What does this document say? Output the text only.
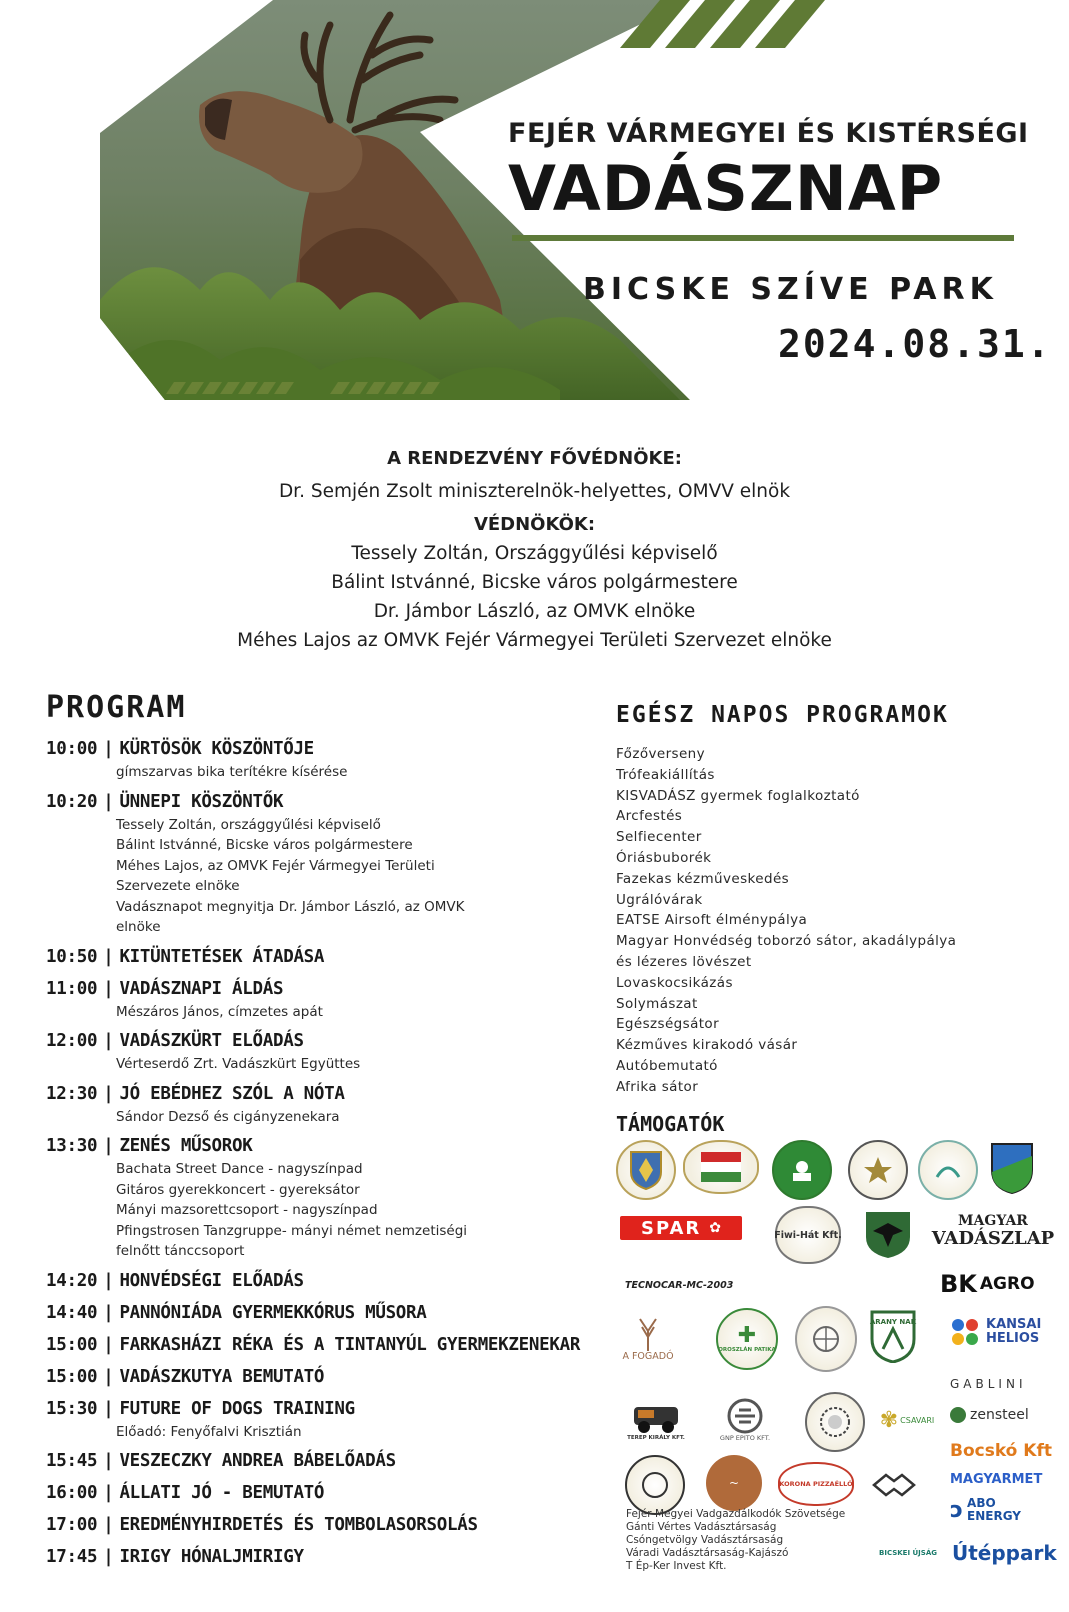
FEJÉR VÁRMEGYEI ÉS KISTÉRSÉGI
VADÁSZNAP
BICSKE SZÍVE PARK
2024.08.31.
A RENDEZVÉNY FŐVÉDNÖKE:
Dr. Semjén Zsolt miniszterelnök-helyettes, OMVV elnök
VÉDNÖKÖK:
Tessely Zoltán, Országgyűlési képviselő
Bálint Istvánné, Bicske város polgármestere
Dr. Jámbor László, az OMVK elnöke
Méhes Lajos az OMVK Fejér Vármegyei Területi Szervezet elnöke
PROGRAM
10:00 | KÜRTÖSÖK KÖSZÖNTŐJE
gímszarvas bika terítékre kísérése
10:20 | ÜNNEPI KÖSZÖNTŐK
Tessely Zoltán, országgyűlési képviselő
Bálint Istvánné, Bicske város polgármestere
Méhes Lajos, az OMVK Fejér Vármegyei Területi
Szervezete elnöke
Vadásznapot megnyitja Dr. Jámbor László, az OMVK
elnöke
10:50 | KITÜNTETÉSEK ÁTADÁSA
11:00 | VADÁSZNAPI ÁLDÁS
Mészáros János, címzetes apát
12:00 | VADÁSZKÜRT ELŐADÁS
Vérteserdő Zrt. Vadászkürt Együttes
12:30 | JÓ EBÉDHEZ SZÓL A NÓTA
Sándor Dezső és cigányzenekara
13:30 | ZENÉS MŰSOROK
Bachata Street Dance - nagyszínpad
Gitáros gyerekkoncert - gyereksátor
Mányi mazsorettcsoport - nagyszínpad
Pfingstrosen Tanzgruppe- mányi német nemzetiségi
felnőtt tánccsoport
14:20 | HONVÉDSÉGI ELŐADÁS
14:40 | PANNÓNIÁDA GYERMEKKÓRUS MŰSORA
15:00 | FARKASHÁZI RÉKA ÉS A TINTANYÚL GYERMEKZENEKAR
15:00 | VADÁSZKUTYA BEMUTATÓ
15:30 | FUTURE OF DOGS TRAINING
Előadó: Fenyőfalvi Krisztián
15:45 | VESZECZKY ANDREA BÁBELŐADÁS
16:00 | ÁLLATI JÓ - BEMUTATÓ
17:00 | EREDMÉNYHIRDETÉS ÉS TOMBOLASORSOLÁS
17:45 | IRIGY HÓNALJMIRIGY
EGÉSZ NAPOS PROGRAMOK
Főzőverseny
Trófeakiállítás
KISVADÁSZ gyermek foglalkoztató
Arcfestés
Selfiecenter
Óriásbuborék
Fazekas kézműveskedés
Ugrálóvárak
EATSE Airsoft élménypálya
Magyar Honvédség toborzó sátor, akadálypálya
és lézeres lövészet
Lovaskocsikázás
Solymászat
Egészségsátor
Kézműves kirakodó vásár
Autóbemutató
Afrika sátor
TÁMOGATÓK
SPAR ✿	Fiwi-Hát Kft.
MAGYAR
VADÁSZLAP
TECNOCAR-MC-2003	BK AGRO
A FOGADÓ
✚
OROSZLÁN PATIKA
ARANY NAK	KANSAI
HELIOS
GABLINI
TEREP KIRÁLY KFT.	GNP EPITO KFT.
✾ CSAVARI	zensteel
Bocskó Kft
MAGYARMET
~	KORONA PIZZAÉLLÓ
ↄ ABO
ENERGY
BICSKEI ÚJSÁG Útéppark
Fejér Megyei Vadgazdálkodók Szövetsége
Gánti Vértes Vadásztársaság
Csóngetvölgy Vadásztársaság
Váradi Vadásztársaság-Kajászó
T Ép-Ker Invest Kft.
